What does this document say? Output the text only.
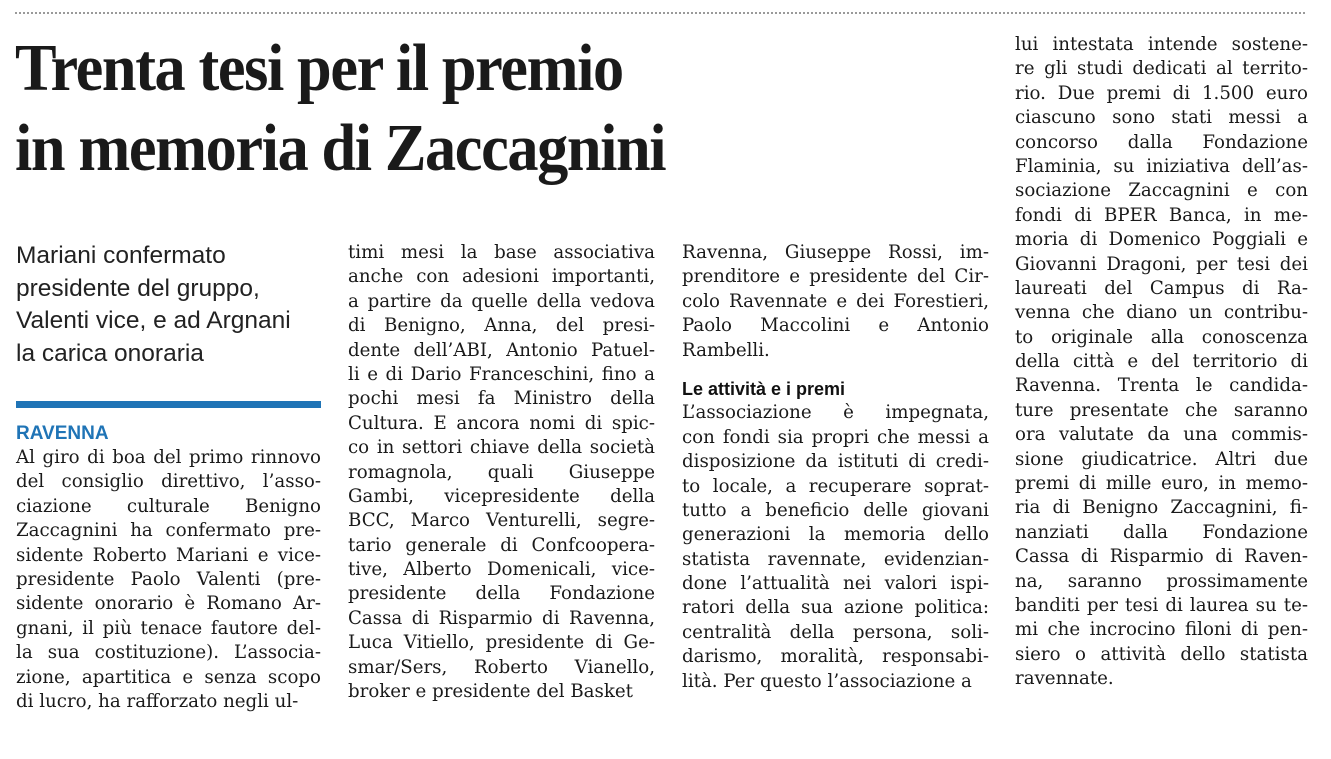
Trenta tesi per il premio
in memoria di Zaccagnini
Mariani confermato
presidente del gruppo,
Valenti vice, e ad Argnani
la carica onoraria
RAVENNA
Al giro di boa del primo rinnovo
del consiglio direttivo, l’asso-
ciazione culturale Benigno
Zaccagnini ha confermato pre-
sidente Roberto Mariani e vice-
presidente Paolo Valenti (pre-
sidente onorario è Romano Ar-
gnani, il più tenace fautore del-
la sua costituzione). L’associa-
zione, apartitica e senza scopo
di lucro, ha rafforzato negli ul-
timi mesi la base associativa
anche con adesioni importanti,
a partire da quelle della vedova
di Benigno, Anna, del presi-
dente dell’ABI, Antonio Patuel-
li e di Dario Franceschini, fino a
pochi mesi fa Ministro della
Cultura. E ancora nomi di spic-
co in settori chiave della società
romagnola, quali Giuseppe
Gambi, vicepresidente della
BCC, Marco Venturelli, segre-
tario generale di Confcoopera-
tive, Alberto Domenicali, vice-
presidente della Fondazione
Cassa di Risparmio di Ravenna,
Luca Vitiello, presidente di Ge-
smar/Sers, Roberto Vianello,
broker e presidente del Basket
Ravenna, Giuseppe Rossi, im-
prenditore e presidente del Cir-
colo Ravennate e dei Forestieri,
Paolo Maccolini e Antonio
Rambelli.
Le attività e i premi
L’associazione è impegnata,
con fondi sia propri che messi a
disposizione da istituti di credi-
to locale, a recuperare soprat-
tutto a beneficio delle giovani
generazioni la memoria dello
statista ravennate, evidenzian-
done l’attualità nei valori ispi-
ratori della sua azione politica:
centralità della persona, soli-
darismo, moralità, responsabi-
lità. Per questo l’associazione a
lui intestata intende sostene-
re gli studi dedicati al territo-
rio. Due premi di 1.500 euro
ciascuno sono stati messi a
concorso dalla Fondazione
Flaminia, su iniziativa dell’as-
sociazione Zaccagnini e con
fondi di BPER Banca, in me-
moria di Domenico Poggiali e
Giovanni Dragoni, per tesi dei
laureati del Campus di Ra-
venna che diano un contribu-
to originale alla conoscenza
della città e del territorio di
Ravenna. Trenta le candida-
ture presentate che saranno
ora valutate da una commis-
sione giudicatrice. Altri due
premi di mille euro, in memo-
ria di Benigno Zaccagnini, fi-
nanziati dalla Fondazione
Cassa di Risparmio di Raven-
na, saranno prossimamente
banditi per tesi di laurea su te-
mi che incrocino filoni di pen-
siero o attività dello statista
ravennate.
